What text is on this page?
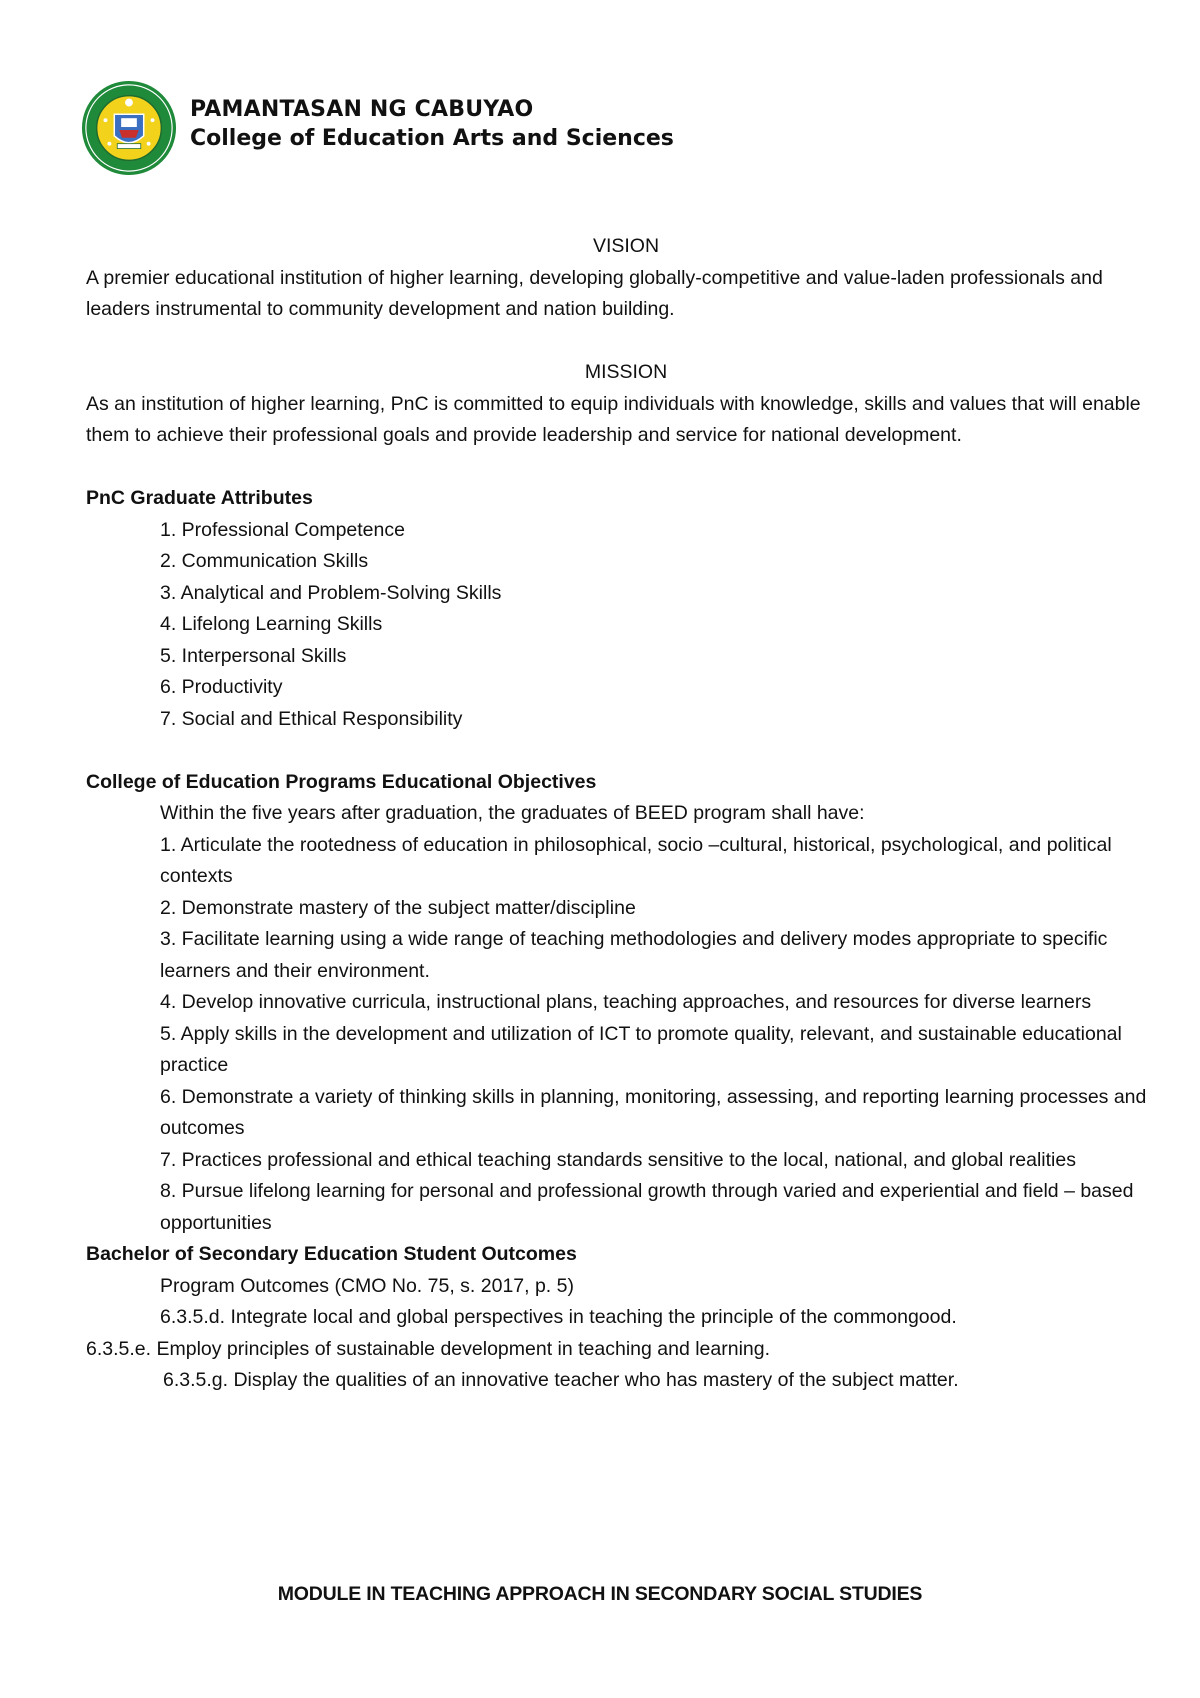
PAMANTASAN NG CABUYAO
College of Education Arts and Sciences
VISION

A premier educational institution of higher learning, developing globally-competitive and value-laden professionals and leaders instrumental to community development and nation building.

MISSION

As an institution of higher learning, PnC is committed to equip individuals with knowledge, skills and values that will enable them to achieve their professional goals and provide leadership and service for national development.

PnC Graduate Attributes
1. Professional Competence
2. Communication Skills
3. Analytical and Problem-Solving Skills
4. Lifelong Learning Skills
5. Interpersonal Skills
6. Productivity
7. Social and Ethical Responsibility
College of Education Programs Educational Objectives
Within the five years after graduation, the graduates of BEED program shall have:
1. Articulate the rootedness of education in philosophical, socio –cultural, historical, psychological, and political contexts
2. Demonstrate mastery of the subject matter/discipline
3. Facilitate learning using a wide range of teaching methodologies and delivery modes appropriate to specific learners and their environment.
4. Develop innovative curricula, instructional plans, teaching approaches, and resources for diverse learners
5. Apply skills in the development and utilization of ICT to promote quality, relevant, and sustainable educational practice
6. Demonstrate a variety of thinking skills in planning, monitoring, assessing, and reporting learning processes and outcomes
7. Practices professional and ethical teaching standards sensitive to the local, national, and global realities
8. Pursue lifelong learning for personal and professional growth through varied and experiential and field – based opportunities
Bachelor of Secondary Education Student Outcomes
Program Outcomes (CMO No. 75, s. 2017, p. 5)
6.3.5.d. Integrate local and global perspectives in teaching the principle of the commongood.
6.3.5.e. Employ principles of sustainable development in teaching and learning.
6.3.5.g. Display the qualities of an innovative teacher who has mastery of the subject matter.
MODULE IN TEACHING APPROACH IN SECONDARY SOCIAL STUDIES
